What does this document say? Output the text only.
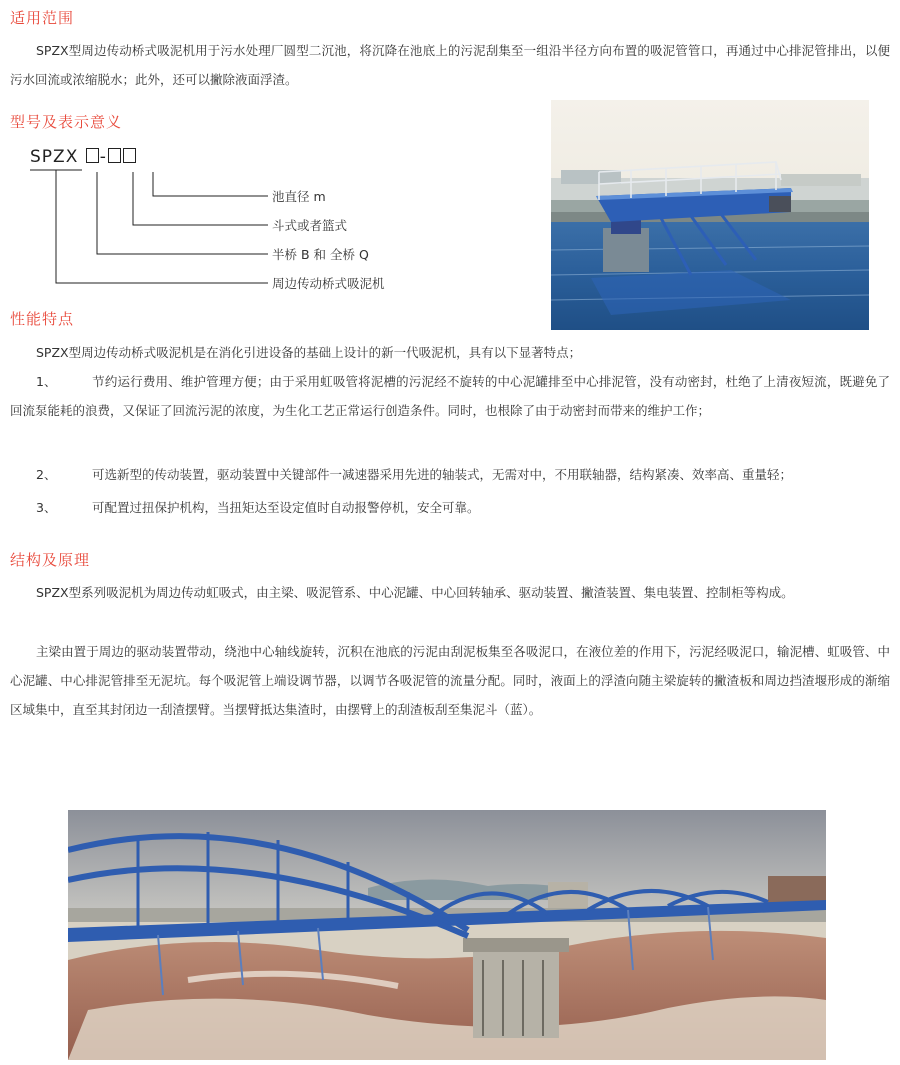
适用范围

SPZX型周边传动桥式吸泥机用于污水处理厂圆型二沉池，将沉降在池底上的污泥刮集至一组沿半径方向布置的吸泥管管口，再通过中心排泥管排出，以便污水回流或浓缩脱水；此外，还可以撇除液面浮渣。

型号及表示意义
SPZX -
池直径 m
斗式或者篮式
半桥 B 和 全桥 Q
周边传动桥式吸泥机
性能特点

SPZX型周边传动桥式吸泥机是在消化引进设备的基础上设计的新一代吸泥机，具有以下显著特点；

1、	节约运行费用、维护管理方便；由于采用虹吸管将泥槽的污泥经不旋转的中心泥罐排至中心排泥管，没有动密封，杜绝了上清夜短流，既避免了回流泵能耗的浪费，又保证了回流污泥的浓度，为生化工艺正常运行创造条件。同时，也根除了由于动密封而带来的维护工作；

2、	可选新型的传动装置，驱动装置中关键部件一减速器采用先进的轴装式，无需对中，不用联轴器，结构紧凑、效率高、重量轻；

3、	可配置过扭保护机构，当扭矩达至设定值时自动报警停机，安全可靠。

结构及原理

SPZX型系列吸泥机为周边传动虹吸式，由主梁、吸泥管系、中心泥罐、中心回转轴承、驱动装置、撇渣装置、集电装置、控制柜等构成。

主梁由置于周边的驱动装置带动，绕池中心轴线旋转，沉积在池底的污泥由刮泥板集至各吸泥口，在液位差的作用下，污泥经吸泥口，输泥槽、虹吸管、中心泥罐、中心排泥管排至无泥坑。每个吸泥管上端设调节器，以调节各吸泥管的流量分配。同时，液面上的浮渣向随主梁旋转的撇渣板和周边挡渣堰形成的渐缩区域集中，直至其封闭边一刮渣摆臂。当摆臂抵达集渣时，由摆臂上的刮渣板刮至集泥斗（蓝）。
